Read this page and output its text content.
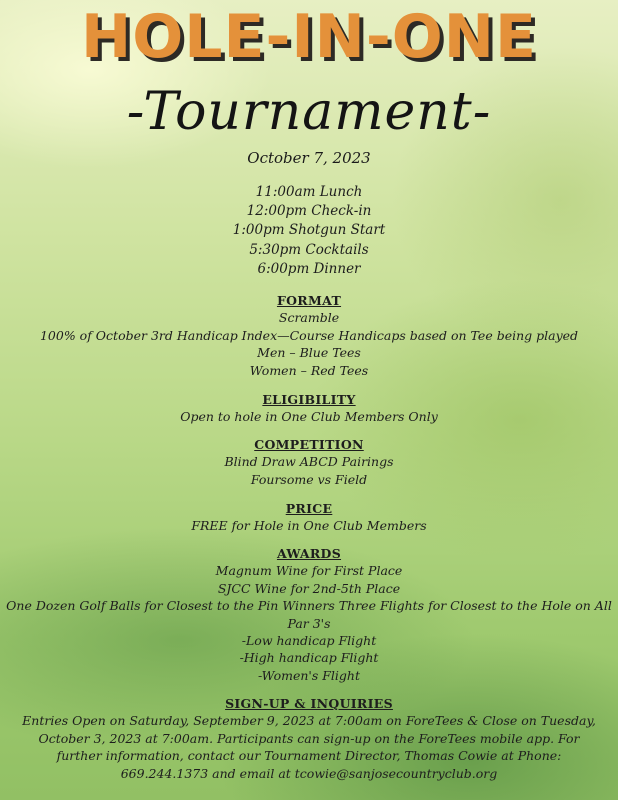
HOLE-IN-ONE
-Tournament-
October 7, 2023
11:00am Lunch
12:00pm Check-in
1:00pm Shotgun Start
5:30pm Cocktails
6:00pm Dinner
FORMAT
Scramble
100% of October 3rd Handicap Index—Course Handicaps based on Tee being played
Men – Blue Tees
Women – Red Tees
ELIGIBILITY
Open to hole in One Club Members Only
COMPETITION
Blind Draw ABCD Pairings
Foursome vs Field
PRICE
FREE for Hole in One Club Members
AWARDS
Magnum Wine for First Place
SJCC Wine for 2nd-5th Place
One Dozen Golf Balls for Closest to the Pin Winners Three Flights for Closest to the Hole on All Par 3's
-Low handicap Flight
-High handicap Flight
-Women's Flight
SIGN-UP & INQUIRIES
Entries Open on Saturday, September 9, 2023 at 7:00am on ForeTees & Close on Tuesday, October 3, 2023 at 7:00am. Participants can sign-up on the ForeTees mobile app. For further information, contact our Tournament Director, Thomas Cowie at Phone: 669.244.1373 and email at tcowie@sanjosecountryclub.org
